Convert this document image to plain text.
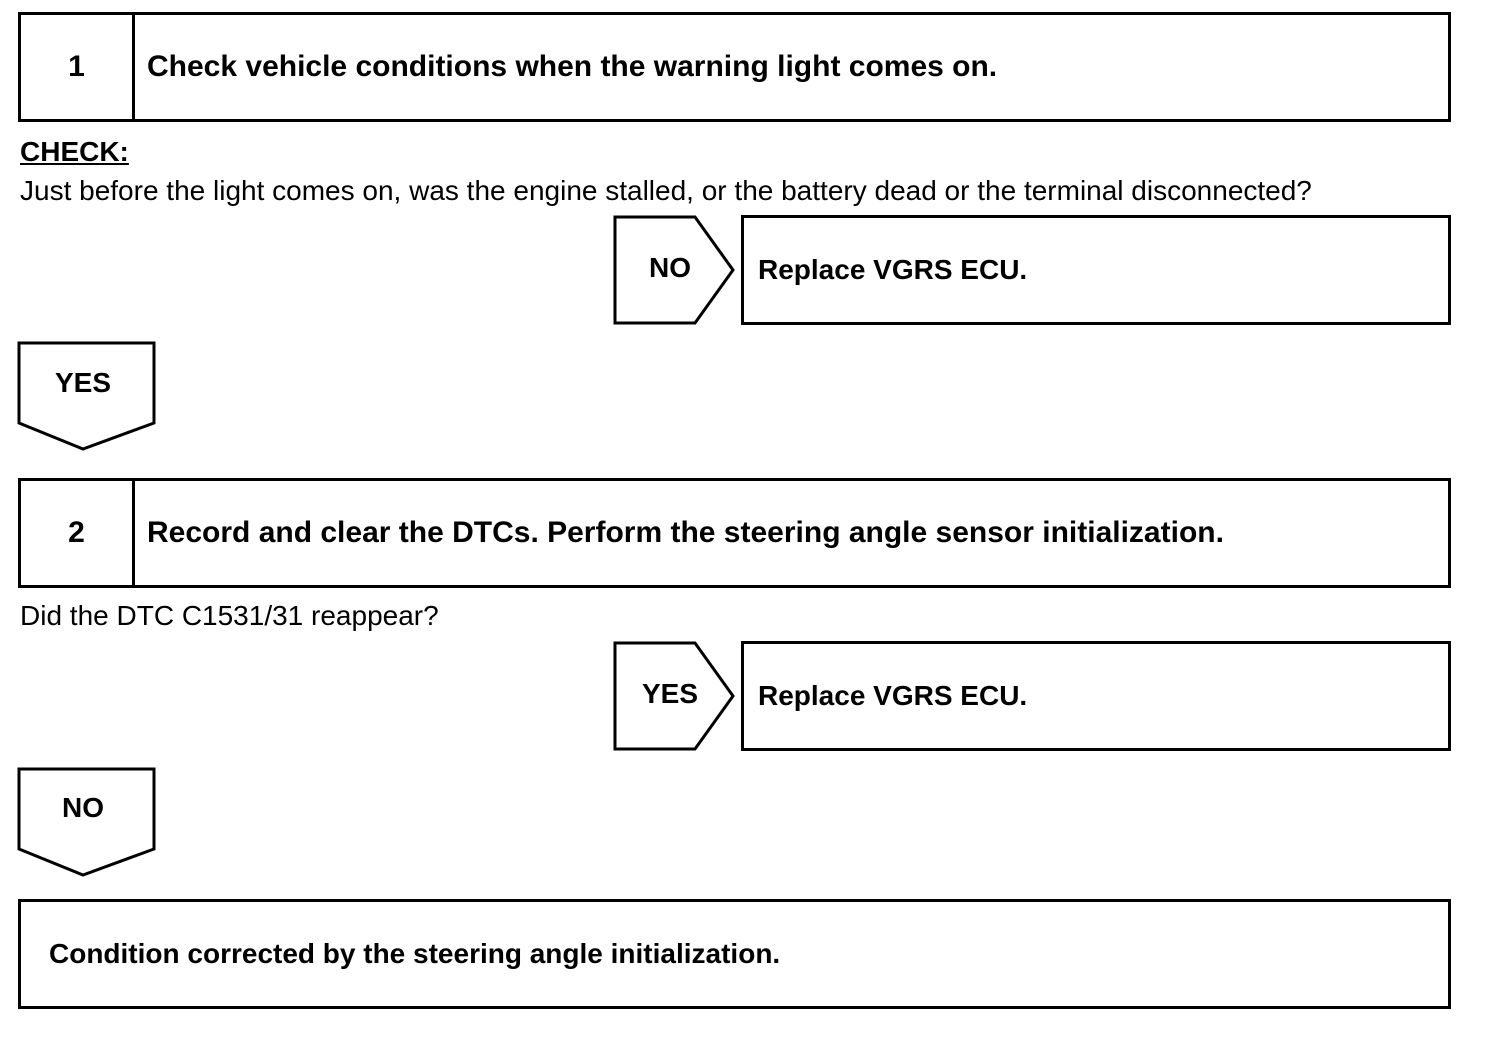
1	Check vehicle conditions when the warning light comes on.
CHECK:
Just before the light comes on, was the engine stalled, or the battery dead or the terminal disconnected?
NO	Replace VGRS ECU.
YES
2	Record and clear the DTCs. Perform the steering angle sensor initialization.
Did the DTC C1531/31 reappear?
YES	Replace VGRS ECU.
NO
Condition corrected by the steering angle initialization.
